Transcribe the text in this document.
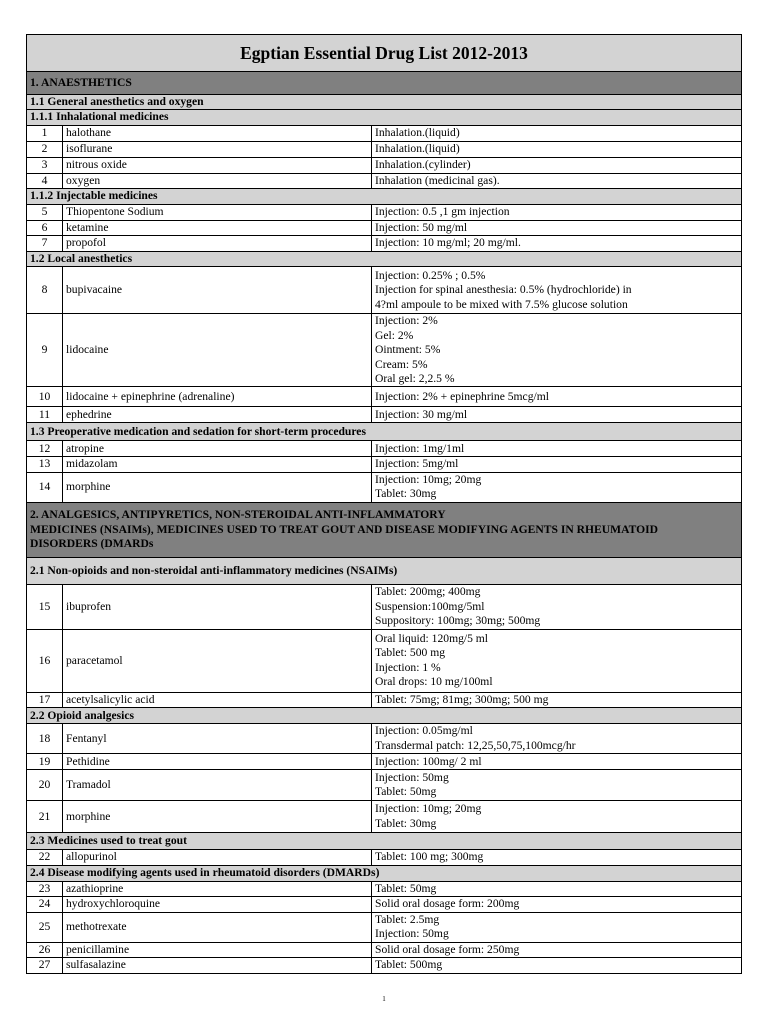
Egptian Essential Drug List 2012-2013		
1. ANAESTHETICS		
1.1 General anesthetics and oxygen		
1.1.1 Inhalational medicines		
1	halothane	Inhalation.(liquid)

2	isoflurane	Inhalation.(liquid)

3	nitrous oxide	Inhalation.(cylinder)

4	oxygen	Inhalation (medicinal gas).

1.1.2 Injectable medicines		
5	Thiopentone Sodium	Injection: 0.5 ,1 gm injection

6	ketamine	Injection: 50 mg/ml

7	propofol	Injection: 10 mg/ml; 20 mg/ml.

1.2 Local anesthetics		
8	bupivacaine	Injection: 0.25% ; 0.5%
Injection for spinal anesthesia: 0.5% (hydrochloride) in
4?ml ampoule to be mixed with 7.5% glucose solution

9	lidocaine	Injection: 2%
Gel: 2%
Ointment: 5%
Cream: 5%
Oral gel: 2,2.5 %

10	lidocaine + epinephrine (adrenaline)	Injection: 2% + epinephrine 5mcg/ml

11	ephedrine	Injection: 30 mg/ml

1.3 Preoperative medication and sedation for short-term procedures		
12	atropine	Injection: 1mg/1ml

13	midazolam	Injection: 5mg/ml

14	morphine	Injection: 10mg; 20mg
Tablet: 30mg

2. ANALGESICS, ANTIPYRETICS, NON-STEROIDAL ANTI-INFLAMMATORY
MEDICINES (NSAIMs), MEDICINES USED TO TREAT GOUT AND DISEASE MODIFYING AGENTS IN RHEUMATOID
DISORDERS (DMARDs		

2.1 Non-opioids and non-steroidal anti-inflammatory medicines (NSAIMs)		
15	ibuprofen	Tablet: 200mg; 400mg
Suspension:100mg/5ml
Suppository: 100mg; 30mg; 500mg

16	paracetamol	Oral liquid: 120mg/5 ml
Tablet: 500 mg
Injection: 1 %
Oral drops: 10 mg/100ml

17	acetylsalicylic acid	Tablet: 75mg; 81mg; 300mg; 500 mg

2.2 Opioid analgesics		
18	Fentanyl	Injection: 0.05mg/ml
Transdermal patch: 12,25,50,75,100mcg/hr

19	Pethidine	Injection: 100mg/ 2 ml

20	Tramadol	Injection: 50mg
Tablet: 50mg

21	morphine	Injection: 10mg; 20mg
Tablet: 30mg

2.3 Medicines used to treat gout		
22	allopurinol	Tablet: 100 mg; 300mg

2.4 Disease modifying agents used in rheumatoid disorders (DMARDs)		
23	azathioprine	Tablet: 50mg

24	hydroxychloroquine	Solid oral dosage form: 200mg

25	methotrexate	Tablet: 2.5mg
Injection: 50mg

26	penicillamine	Solid oral dosage form: 250mg

27	sulfasalazine	Tablet: 500mg
1
